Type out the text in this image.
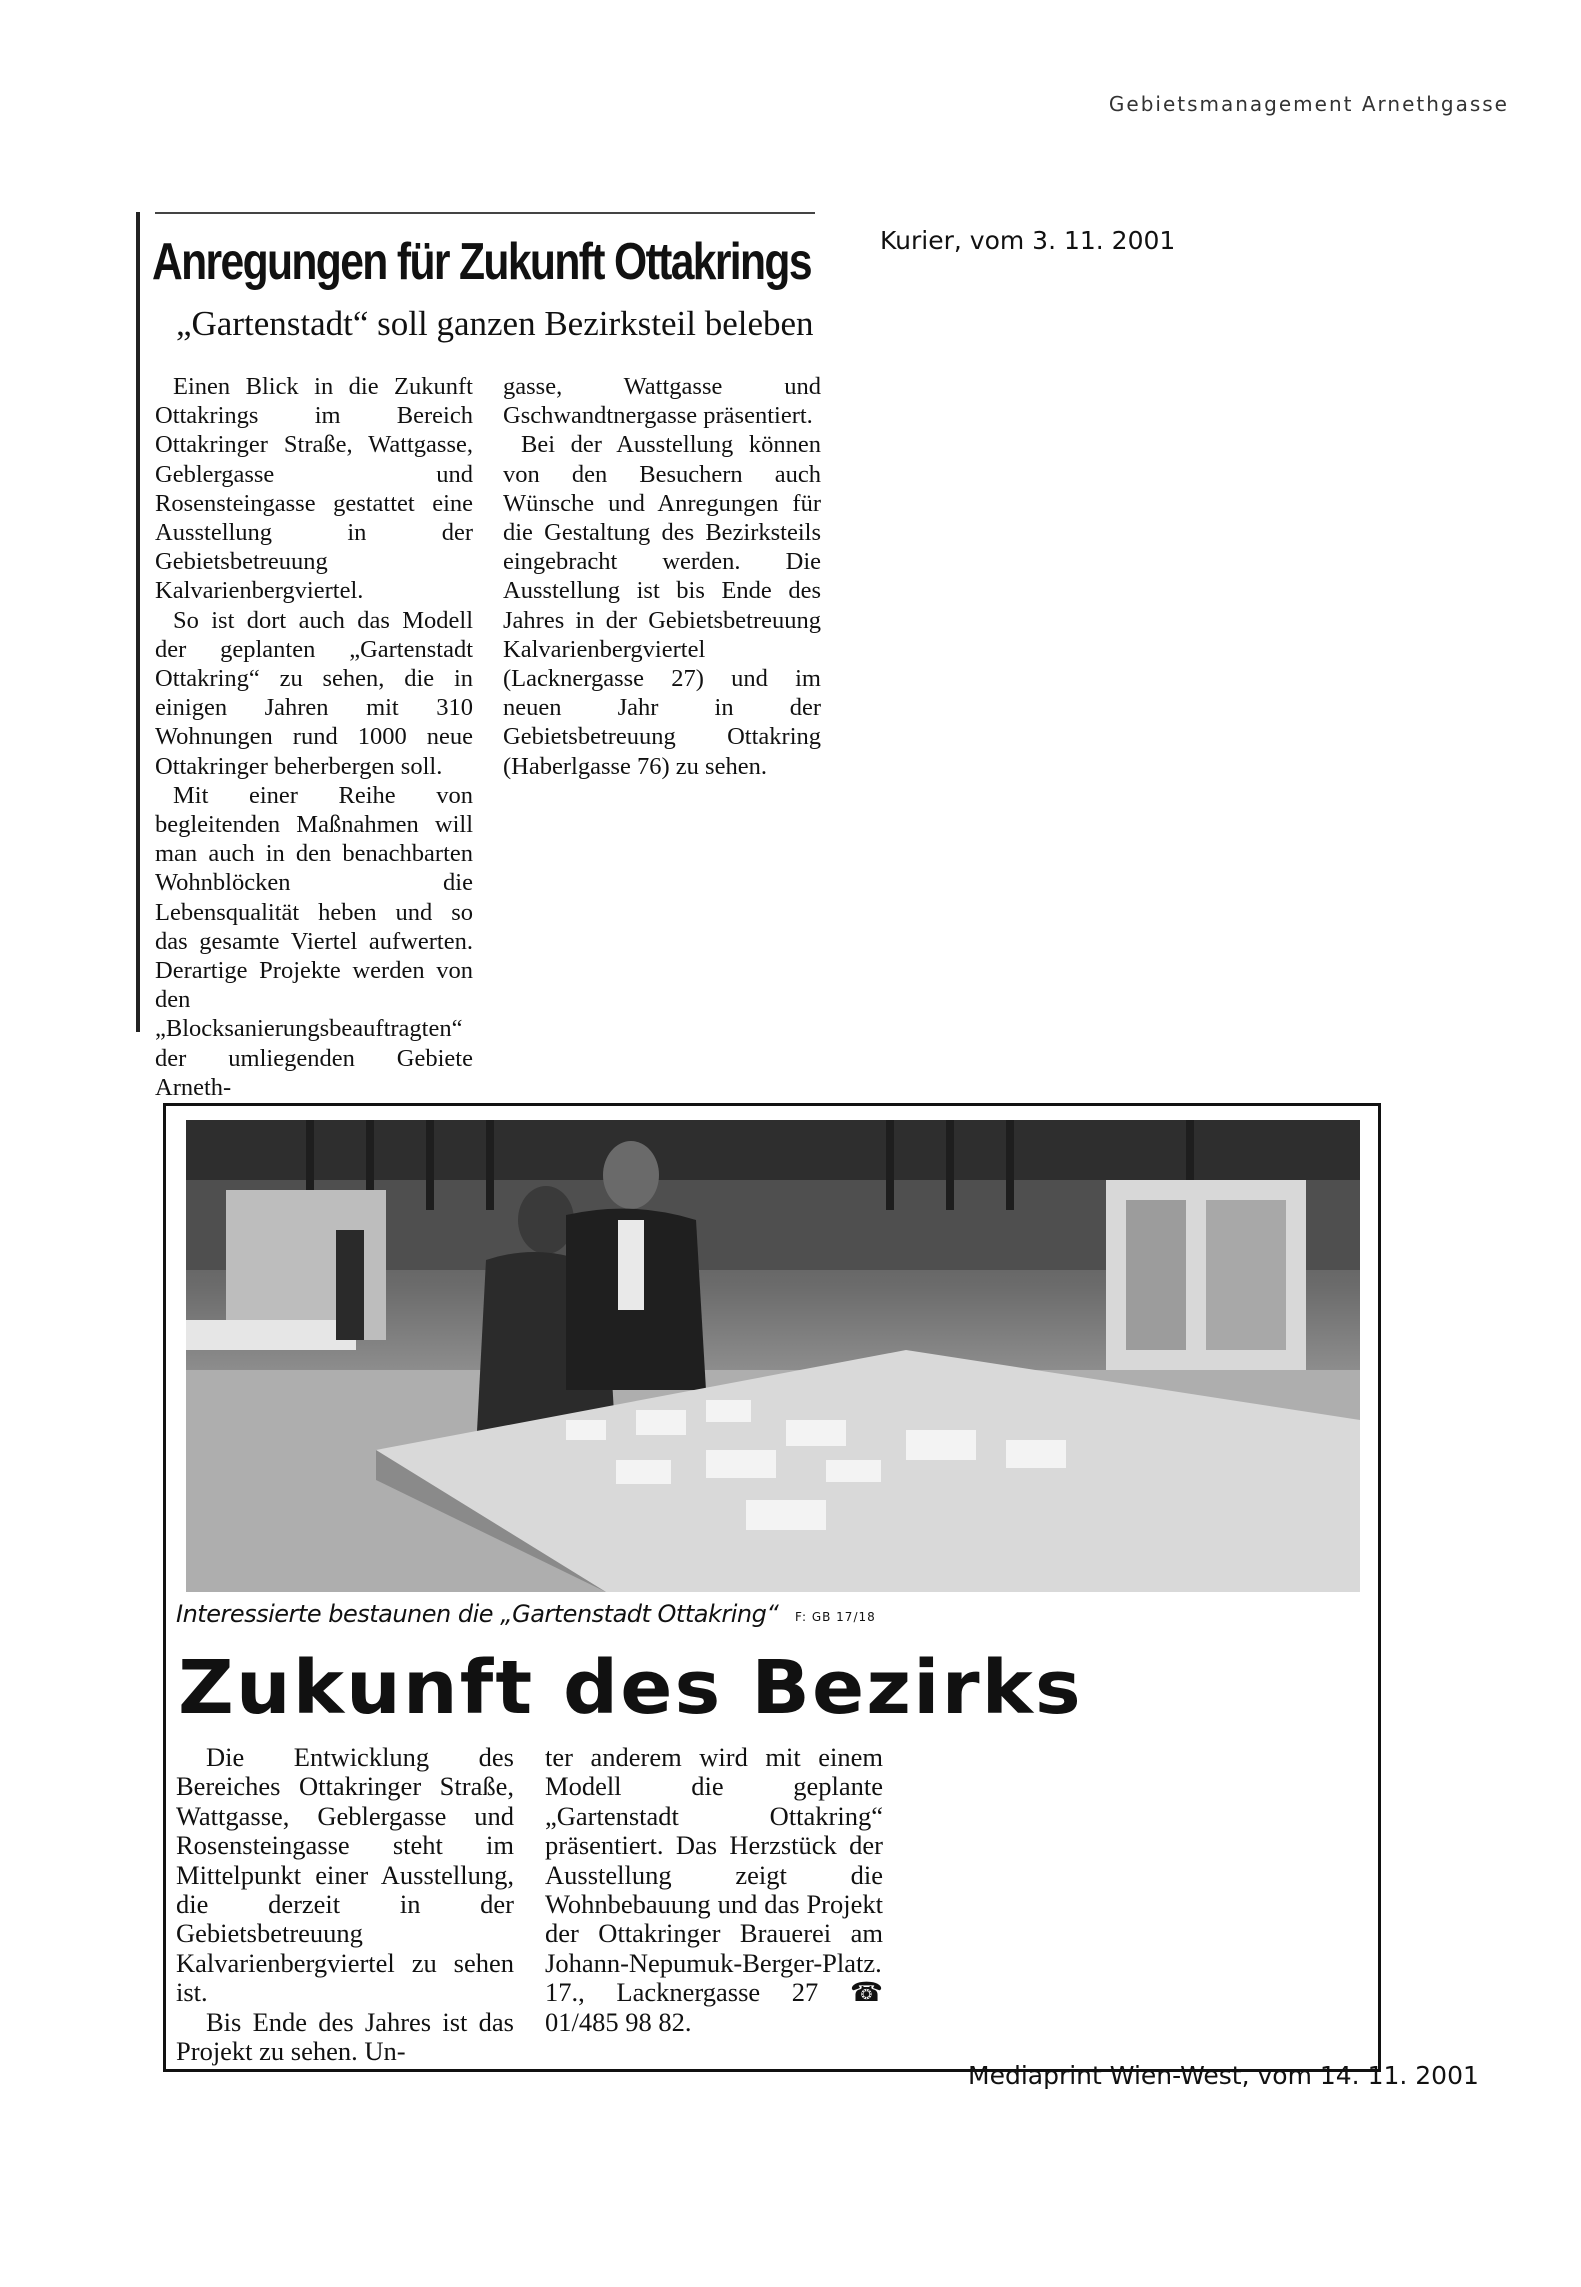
Gebietsmanagement Arnethgasse
Anregungen für Zukunft Ottakrings	Kurier, vom 3. 11. 2001
„Gartenstadt“ soll ganzen Bezirksteil beleben

Einen Blick in die Zukunft Ottakrings im Bereich Ottakringer Straße, Wattgasse, Geblergasse und Rosensteingasse gestattet eine Ausstellung in der Gebietsbetreuung Kalvarienbergviertel.

So ist dort auch das Modell der geplanten „Gartenstadt Ottakring“ zu sehen, die in einigen Jahren mit 310 Wohnungen rund 1000 neue Ottakringer beherbergen soll.

Mit einer Reihe von begleitenden Maßnahmen will man auch in den benachbarten Wohnblöcken die Lebensqualität heben und so das gesamte Viertel aufwerten. Derartige Projekte werden von den „Blocksanierungsbeauftragten“ der umliegenden Gebiete Arneth-

gasse, Wattgasse und Gschwandtnergasse präsentiert.

Bei der Ausstellung können von den Besuchern auch Wünsche und Anregungen für die Gestaltung des Bezirksteils eingebracht werden. Die Ausstellung ist bis Ende des Jahres in der Gebietsbetreuung Kalvarienbergviertel (Lacknergasse 27) und im neuen Jahr in der Gebietsbetreuung Ottakring (Haberlgasse 76) zu sehen.

Interessierte bestaunen die „Gartenstadt Ottakring“ F: GB 17/18
Zukunft des Bezirks

Die Entwicklung des Bereiches Ottakringer Straße, Wattgasse, Geblergasse und Rosensteingasse steht im Mittelpunkt einer Ausstellung, die derzeit in der Gebietsbetreuung Kalvarienbergviertel zu sehen ist.

Bis Ende des Jahres ist das Projekt zu sehen. Un-

ter anderem wird mit einem Modell die geplante „Gartenstadt Ottakring“ präsentiert. Das Herzstück der Ausstellung zeigt die Wohnbebauung und das Projekt der Ottakringer Brauerei am Johann-Nepumuk-Berger-Platz. 17., Lacknergasse 27 ☎ 01/485 98 82.

Mediaprint Wien-West, vom 14. 11. 2001
